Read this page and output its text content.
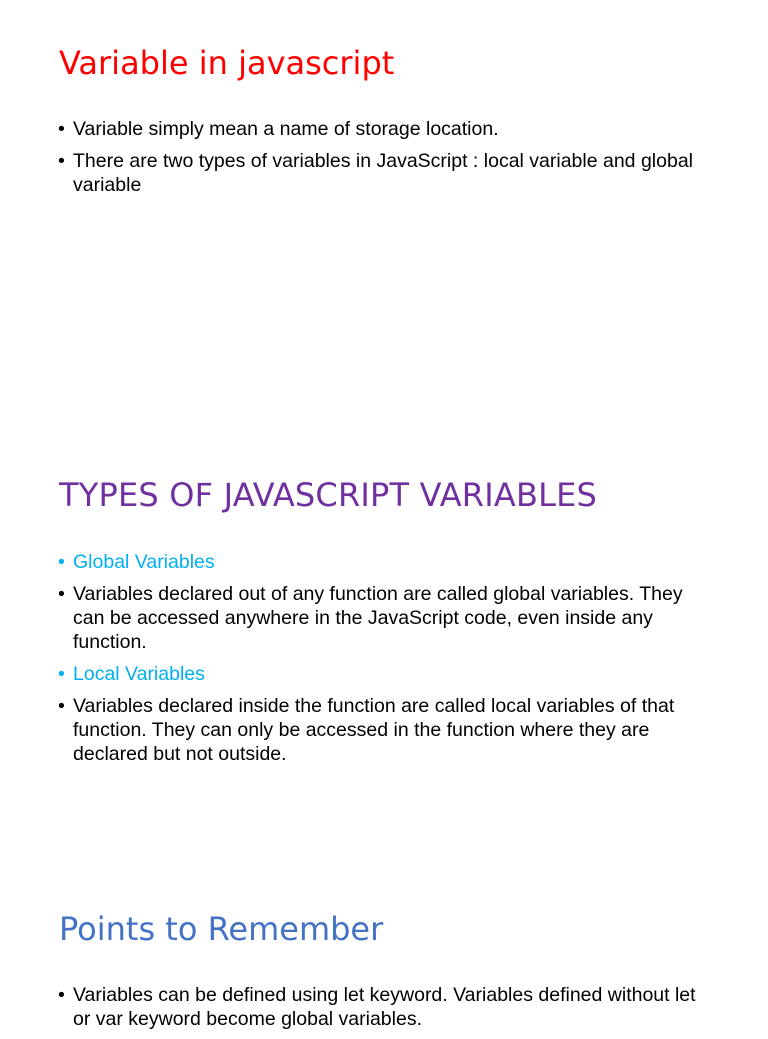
Variable in javascript
• Variable simply mean a name of storage location.
• There are two types of variables in JavaScript : local variable and global variable
TYPES OF JAVASCRIPT VARIABLES
• Global Variables
• Variables declared out of any function are called global variables. They can be accessed anywhere in the JavaScript code, even inside any function.
• Local Variables
• Variables declared inside the function are called local variables of that function. They can only be accessed in the function where they are declared but not outside.
Points to Remember
• Variables can be defined using let keyword. Variables defined without let or var keyword become global variables.
